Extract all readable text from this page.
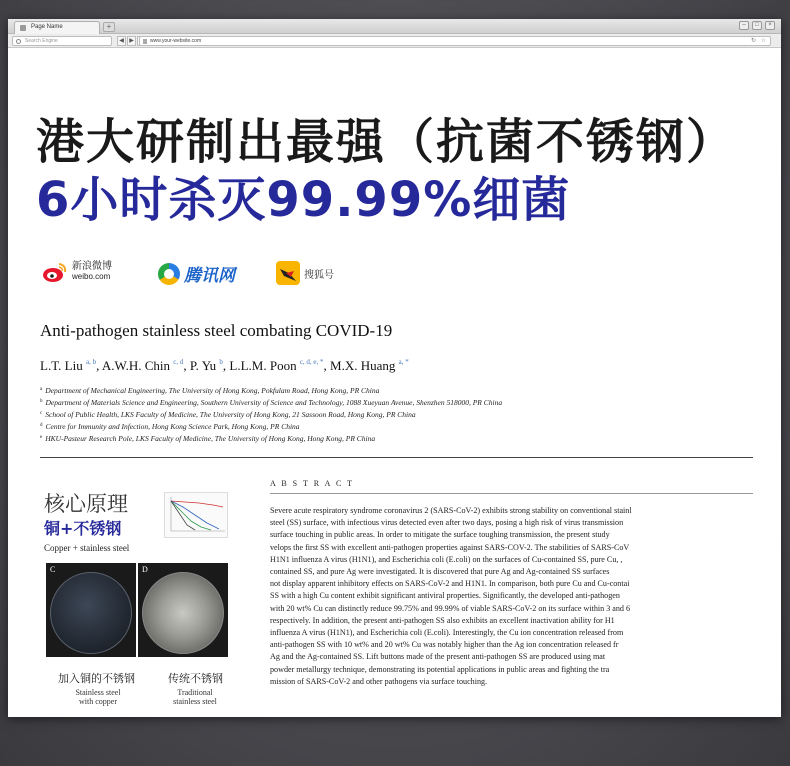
Page Name	+	–	□	×
Search Engine	◀ ▶	www.your-website.com	↻ ☆
港大研制出最强（抗菌不锈钢）
6小时杀灭99.99%细菌
新浪微博
weibo.com	腾讯网	搜狐号
Anti-pathogen stainless steel combating COVID-19
L.T. Liu $^{a, b}$, A.W.H. Chin $^{c, d}$, P. Yu $^b$, L.L.M. Poon $^{c, d, e, *}$, M.X. Huang $^{a, *}$
$^a$ Department of Mechanical Engineering, The University of Hong Kong, Pokfulam Road, Hong Kong, PR China
$^b$ Department of Materials Science and Engineering, Southern University of Science and Technology, 1088 Xueyuan Avenue, Shenzhen 518000, PR China
$^c$ School of Public Health, LKS Faculty of Medicine, The University of Hong Kong, 21 Sassoon Road, Hong Kong, PR China
$^d$ Centre for Immunity and Infection, Hong Kong Science Park, Hong Kong, PR China
$^e$ HKU-Pasteur Research Pole, LKS Faculty of Medicine, The University of Hong Kong, Hong Kong, PR China
核心原理
铜+不锈钢
Copper + stainless steel
C	D
加入铜的不锈钢	传统不锈钢
Stainless steel
with copper
Traditional
stainless steel
A B S T R A C T
Severe acute respiratory syndrome coronavirus 2 (SARS-CoV-2) exhibits strong stability on conventional stainl
steel (SS) surface, with infectious virus detected even after two days, posing a high risk of virus transmission
surface touching in public areas. In order to mitigate the surface toughing transmission, the present study
velops the first SS with excellent anti-pathogen properties against SARS-COV-2. The stabilities of SARS-CoV
H1N1 influenza A virus (H1N1), and Escherichia coli (E.coli) on the surfaces of Cu-contained SS, pure Cu, ,
contained SS, and pure Ag were investigated. It is discovered that pure Ag and Ag-contained SS surfaces
not display apparent inhibitory effects on SARS-CoV-2 and H1N1. In comparison, both pure Cu and Cu-contai
SS with a high Cu content exhibit significant antiviral properties. Significantly, the developed anti-pathogen
with 20 wt% Cu can distinctly reduce 99.75% and 99.99% of viable SARS-CoV-2 on its surface within 3 and 6
respectively. In addition, the present anti-pathogen SS also exhibits an excellent inactivation ability for H1
influenza A virus (H1N1), and Escherichia coli (E.coli). Interestingly, the Cu ion concentration released from
anti-pathogen SS with 10 wt% and 20 wt% Cu was notably higher than the Ag ion concentration released fr
Ag and the Ag-contained SS. Lift buttons made of the present anti-pathogen SS are produced using mat
powder metallurgy technique, demonstrating its potential applications in public areas and fighting the tra
mission of SARS-CoV-2 and other pathogens via surface touching.
